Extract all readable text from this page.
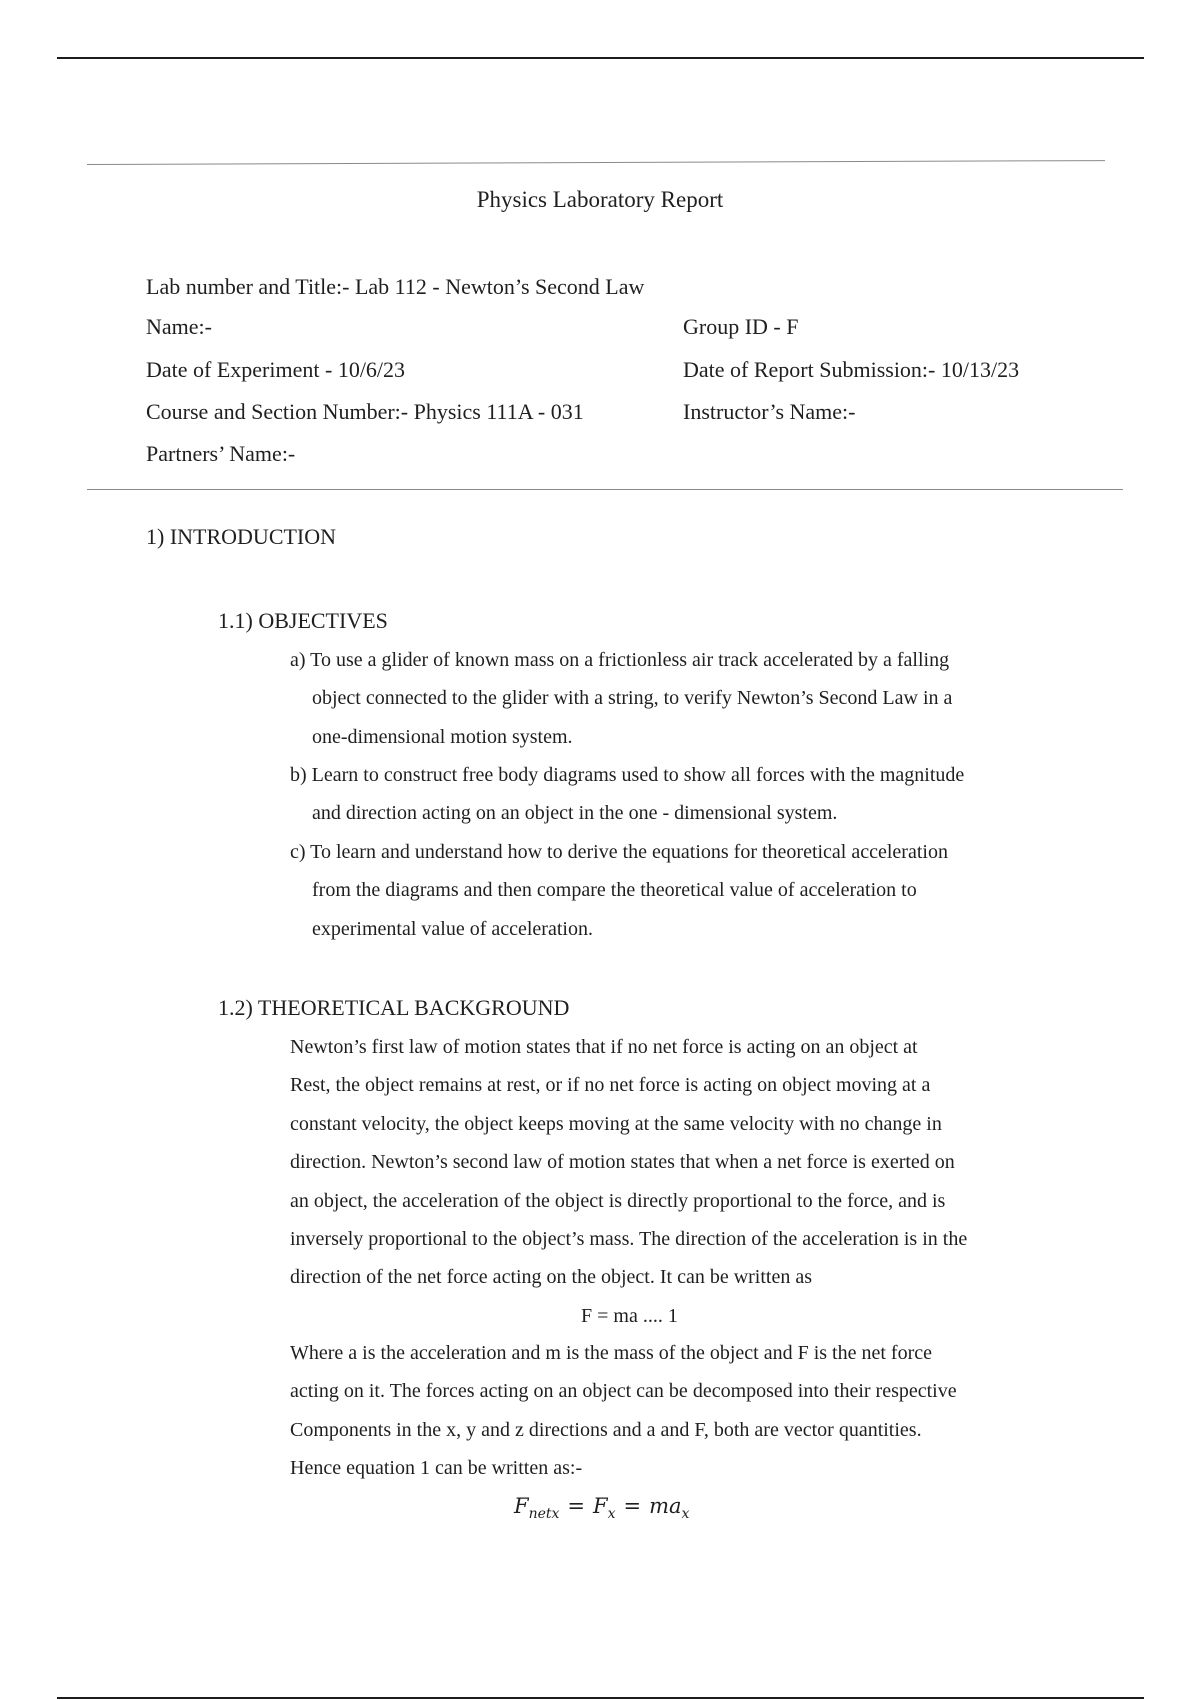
Physics Laboratory Report
Lab number and Title:- Lab 112 - Newton’s Second Law
Name:-	Group ID - F
Date of Experiment - 10/6/23	Date of Report Submission:- 10/13/23
Course and Section Number:- Physics 111A - 031	Instructor’s Name:-
Partners’ Name:-
1) INTRODUCTION
1.1) OBJECTIVES

a) To use a glider of known mass on a frictionless air track accelerated by a falling

object connected to the glider with a string, to verify Newton’s Second Law in a

one-dimensional motion system.

b) Learn to construct free body diagrams used to show all forces with the magnitude

and direction acting on an object in the one - dimensional system.

c) To learn and understand how to derive the equations for theoretical acceleration

from the diagrams and then compare the theoretical value of acceleration to

experimental value of acceleration.

1.2) THEORETICAL BACKGROUND

Newton’s first law of motion states that if no net force is acting on an object at

Rest, the object remains at rest, or if no net force is acting on object moving at a

constant velocity, the object keeps moving at the same velocity with no change in

direction. Newton’s second law of motion states that when a net force is exerted on

an object, the acceleration of the object is directly proportional to the force, and is

inversely proportional to the object’s mass. The direction of the acceleration is in the

direction of the net force acting on the object. It can be written as

F = ma .... 1

Where a is the acceleration and m is the mass of the object and F is the net force

acting on it. The forces acting on an object can be decomposed into their respective

Components in the x, y and z directions and a and F, both are vector quantities.

Hence equation 1 can be written as:-

$F_{netx} = F_x = ma_x$
